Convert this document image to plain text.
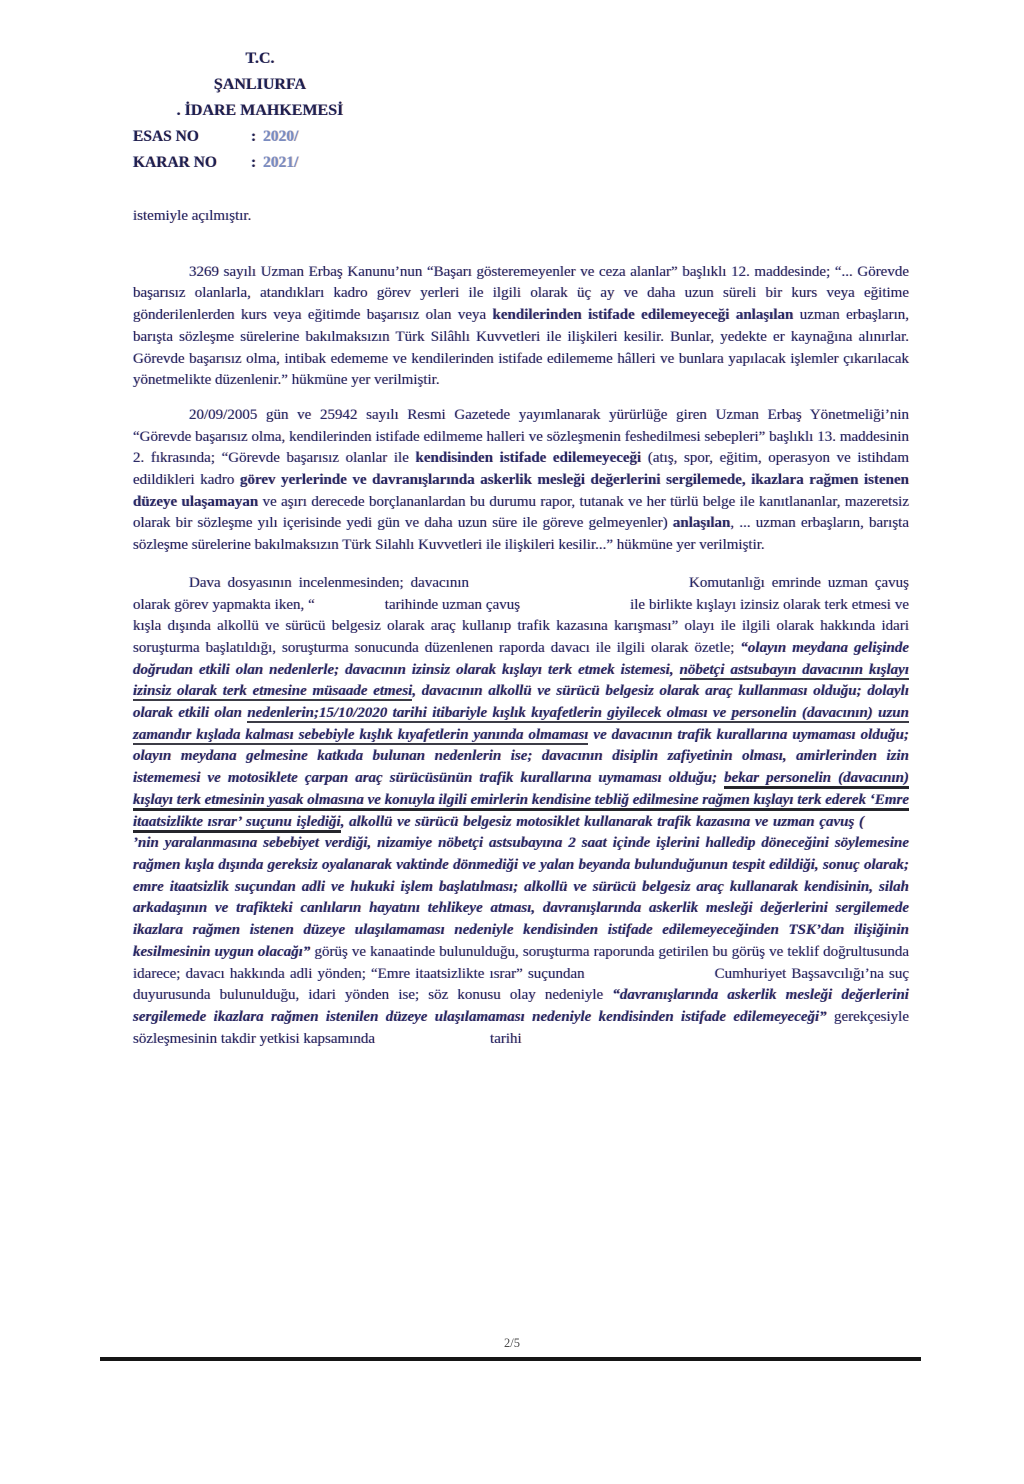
T.C.
ŞANLIURFA
. İDARE MAHKEMESİ
ESAS NO	: 2020/
KARAR NO	: 2021/

istemiyle açılmıştır.

3269 sayılı Uzman Erbaş Kanunu’nun “Başarı gösteremeyenler ve ceza alanlar” başlıklı 12. maddesinde; “... Görevde başarısız olanlarla, atandıkları kadro görev yerleri ile ilgili olarak üç ay ve daha uzun süreli bir kurs veya eğitime gönderilenlerden kurs veya eğitimde başarısız olan veya kendilerinden istifade edilemeyeceği anlaşılan uzman erbaşların, barışta sözleşme sürelerine bakılmaksızın Türk Silâhlı Kuvvetleri ile ilişkileri kesilir. Bunlar, yedekte er kaynağına alınırlar. Görevde başarısız olma, intibak edememe ve kendilerinden istifade edilememe hâlleri ve bunlara yapılacak işlemler çıkarılacak yönetmelikte düzenlenir.” hükmüne yer verilmiştir.

20/09/2005 gün ve 25942 sayılı Resmi Gazetede yayımlanarak yürürlüğe giren Uzman Erbaş Yönetmeliği’nin “Görevde başarısız olma, kendilerinden istifade edilmeme halleri ve sözleşmenin feshedilmesi sebepleri” başlıklı 13. maddesinin 2. fıkrasında; “Görevde başarısız olanlar ile kendisinden istifade edilemeyeceği (atış, spor, eğitim, operasyon ve istihdam edildikleri kadro görev yerlerinde ve davranışlarında askerlik mesleği değerlerini sergilemede, ikazlara rağmen istenen düzeye ulaşamayan ve aşırı derecede borçlananlardan bu durumu rapor, tutanak ve her türlü belge ile kanıtlananlar, mazeretsiz olarak bir sözleşme yılı içerisinde yedi gün ve daha uzun süre ile göreve gelmeyenler) anlaşılan, ... uzman erbaşların, barışta sözleşme sürelerine bakılmaksızın Türk Silahlı Kuvvetleri ile ilişkileri kesilir...” hükmüne yer verilmiştir.

Dava dosyasının incelenmesinden; davacının	Komutanlığı emrinde uzman çavuş olarak görev yapmakta iken, “	tarihinde uzman çavuş	ile birlikte kışlayı izinsiz olarak terk etmesi ve kışla dışında alkollü ve sürücü belgesiz olarak araç kullanıp trafik kazasına karışması” olayı ile ilgili olarak hakkında idari soruşturma başlatıldığı, soruşturma sonucunda düzenlenen raporda davacı ile ilgili olarak özetle; “olayın meydana gelişinde doğrudan etkili olan nedenlerle; davacının izinsiz olarak kışlayı terk etmek istemesi, nöbetçi astsubayın davacının kışlayı izinsiz olarak terk etmesine müsaade etmesi, davacının alkollü ve sürücü belgesiz olarak araç kullanması olduğu; dolaylı olarak etkili olan nedenlerin;15/10/2020 tarihi itibariyle kışlık kıyafetlerin giyilecek olması ve personelin (davacının) uzun zamandır kışlada kalması sebebiyle kışlık kıyafetlerin yanında olmaması ve davacının trafik kurallarına uymaması olduğu; olayın meydana gelmesine katkıda bulunan nedenlerin ise; davacının disiplin zafiyetinin olması, amirlerinden izin istememesi ve motosiklete çarpan araç sürücüsünün trafik kurallarına uymaması olduğu; bekar personelin (davacının) kışlayı terk etmesinin yasak olmasına ve konuyla ilgili emirlerin kendisine tebliğ edilmesine rağmen kışlayı terk ederek ‘Emre itaatsizlikte ısrar’ suçunu işlediği, alkollü ve sürücü belgesiz motosiklet kullanarak trafik kazasına ve uzman çavuş (’nin yaralanmasına sebebiyet verdiği, nizamiye nöbetçi astsubayına 2 saat içinde işlerini halledip döneceğini söylemesine rağmen kışla dışında gereksiz oyalanarak vaktinde dönmediği ve yalan beyanda bulunduğunun tespit edildiği, sonuç olarak; emre itaatsizlik suçundan adli ve hukuki işlem başlatılması; alkollü ve sürücü belgesiz araç kullanarak kendisinin, silah arkadaşının ve trafikteki canlıların hayatını tehlikeye atması, davranışlarında askerlik mesleği değerlerini sergilemede ikazlara rağmen istenen düzeye ulaşılamaması nedeniyle kendisinden istifade edilemeyeceğinden TSK’dan ilişiğinin kesilmesinin uygun olacağı” görüş ve kanaatinde bulunulduğu, soruşturma raporunda getirilen bu görüş ve teklif doğrultusunda idarece; davacı hakkında adli yönden; “Emre itaatsizlikte ısrar” suçundan	Cumhuriyet Başsavcılığı’na suç duyurusunda bulunulduğu, idari yönden ise; söz konusu olay nedeniyle “davranışlarında askerlik mesleği değerlerini sergilemede ikazlara rağmen istenilen düzeye ulaşılamaması nedeniyle kendisinden istifade edilemeyeceği” gerekçesiyle sözleşmesinin takdir yetkisi kapsamında	tarihi

2/5
